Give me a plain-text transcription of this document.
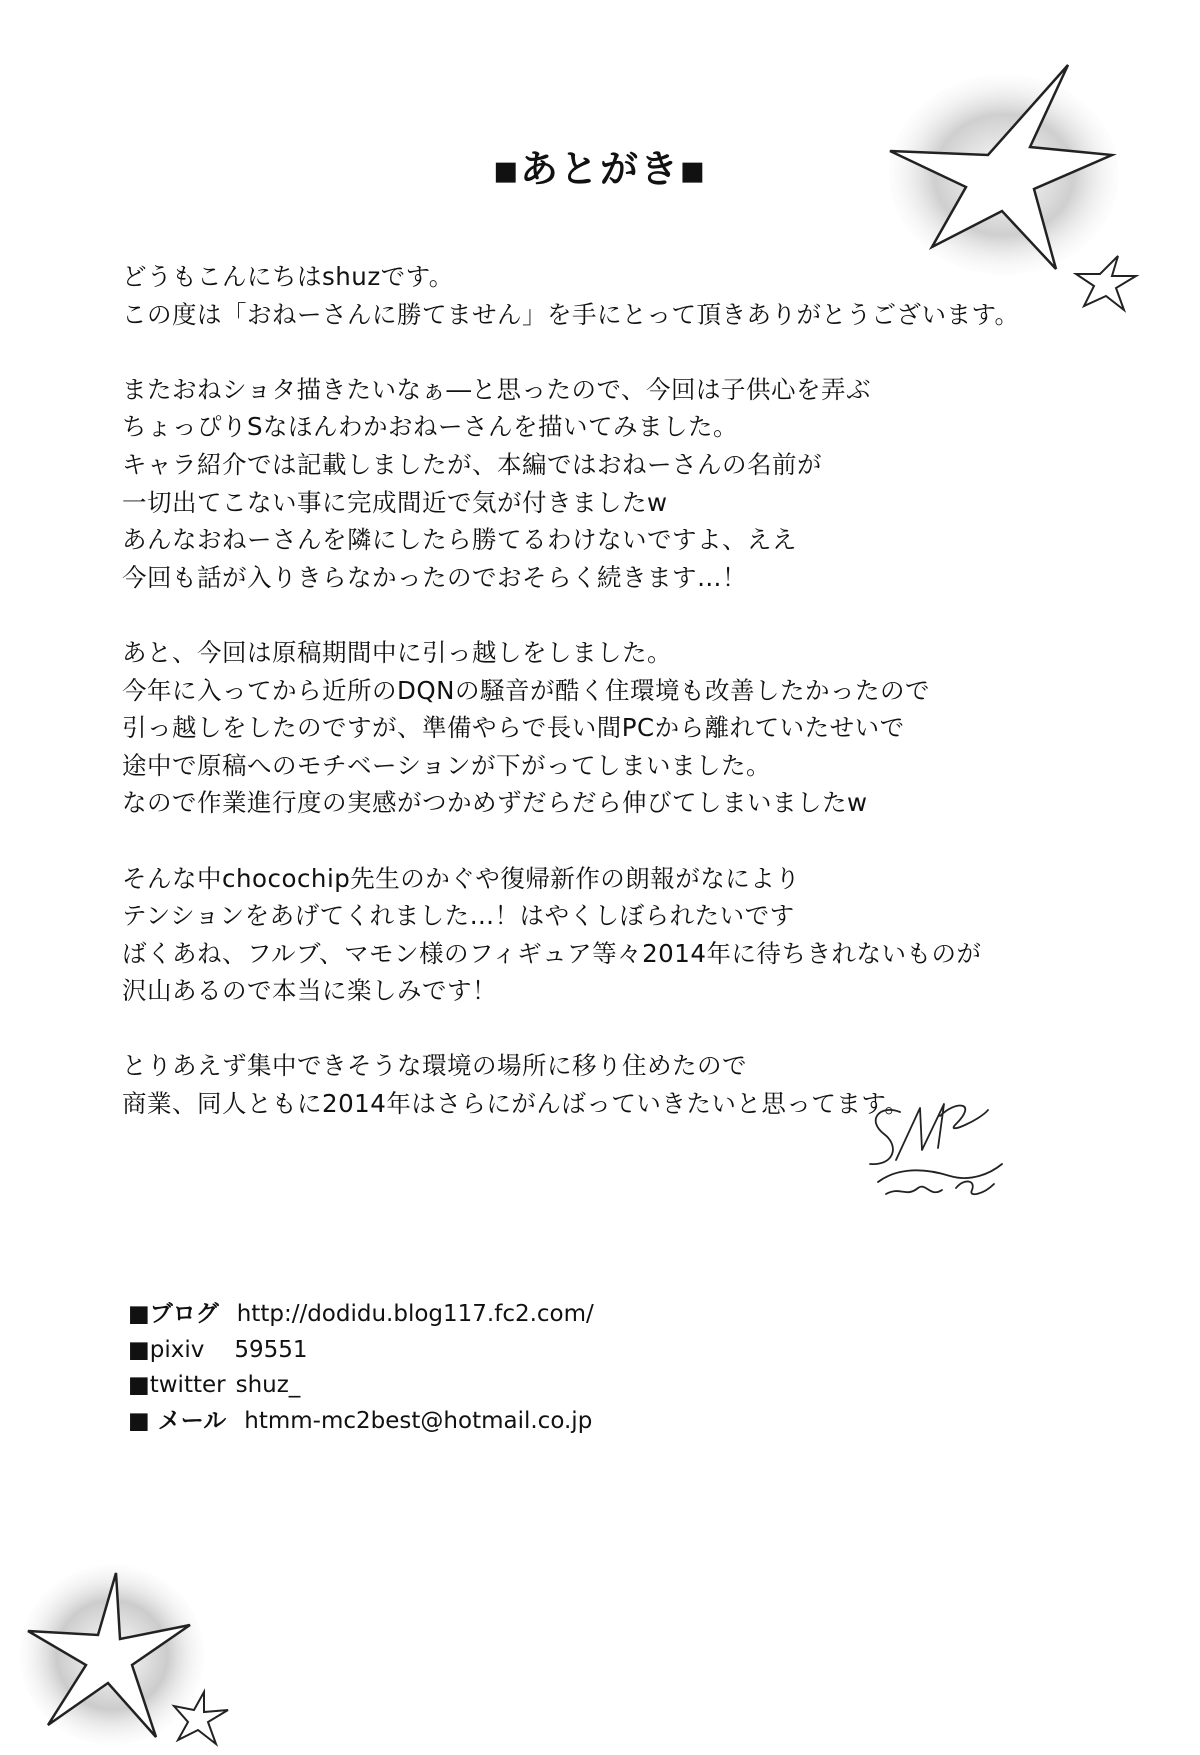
■あとがき■
どうもこんにちはshuzです。
この度は「おねーさんに勝てません」を手にとって頂きありがとうございます。
またおねショタ描きたいなぁ―と思ったので、今回は子供心を弄ぶ
ちょっぴりSなほんわかおねーさんを描いてみました。
キャラ紹介では記載しましたが、本編ではおねーさんの名前が
一切出てこない事に完成間近で気が付きましたw
あんなおねーさんを隣にしたら勝てるわけないですよ、ええ
今回も話が入りきらなかったのでおそらく続きます…！
あと、今回は原稿期間中に引っ越しをしました。
今年に入ってから近所のDQNの騒音が酷く住環境も改善したかったので
引っ越しをしたのですが、準備やらで長い間PCから離れていたせいで
途中で原稿へのモチベーションが下がってしまいました。
なので作業進行度の実感がつかめずだらだら伸びてしまいましたw
そんな中chocochip先生のかぐや復帰新作の朗報がなにより
テンションをあげてくれました…！はやくしぼられたいです
ばくあね、フルブ、マモン様のフィギュア等々2014年に待ちきれないものが
沢山あるので本当に楽しみです！
とりあえず集中できそうな環境の場所に移り住めたので
商業、同人ともに2014年はさらにがんばっていきたいと思ってます。
■ブログ http://dodidu.blog117.fc2.com/
■pixiv 59551
■twitter shuz_
■ メール htmm-mc2best@hotmail.co.jp
